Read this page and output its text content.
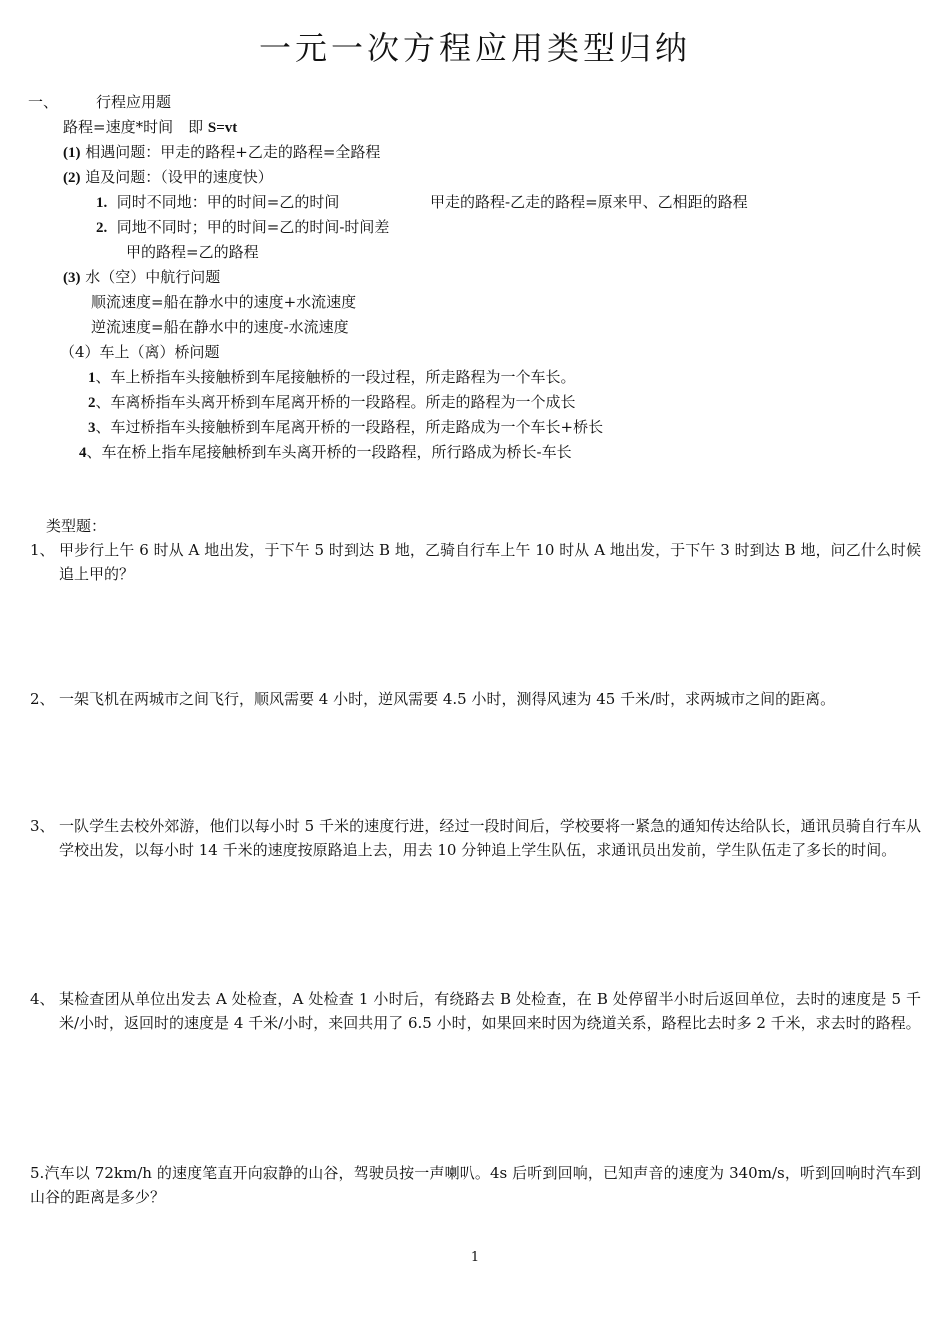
一元一次方程应用类型归纳
一、	行程应用题
路程=速度*时间　即 S=vt
(1) 相遇问题：甲走的路程+乙走的路程=全路程
(2) 追及问题：（设甲的速度快）
1. 同时不同地：甲的时间=乙的时间	甲走的路程-乙走的路程=原来甲、乙相距的路程
2. 同地不同时；甲的时间=乙的时间-时间差
甲的路程=乙的路程
(3) 水（空）中航行问题
顺流速度=船在静水中的速度+水流速度
逆流速度=船在静水中的速度-水流速度
（4）车上（离）桥问题
1、车上桥指车头接触桥到车尾接触桥的一段过程，所走路程为一个车长。
2、车离桥指车头离开桥到车尾离开桥的一段路程。所走的路程为一个成长
3、车过桥指车头接触桥到车尾离开桥的一段路程，所走路成为一个车长+桥长
4、车在桥上指车尾接触桥到车头离开桥的一段路程，所行路成为桥长-车长
类型题：
1、 甲步行上午 6 时从 A 地出发，于下午 5 时到达 B 地，乙骑自行车上午 10 时从 A 地出发，于下午 3 时到达 B 地，问乙什么时候追上甲的？
2、 一架飞机在两城市之间飞行，顺风需要 4 小时，逆风需要 4.5 小时，测得风速为 45 千米/时，求两城市之间的距离。
3、 一队学生去校外郊游，他们以每小时 5 千米的速度行进，经过一段时间后，学校要将一紧急的通知传达给队长，通讯员骑自行车从学校出发，以每小时 14 千米的速度按原路追上去，用去 10 分钟追上学生队伍，求通讯员出发前，学生队伍走了多长的时间。
4、 某检查团从单位出发去 A 处检查，A 处检查 1 小时后，有绕路去 B 处检查，在 B 处停留半小时后返回单位，去时的速度是 5 千米/小时，返回时的速度是 4 千米/小时，来回共用了 6.5 小时，如果回来时因为绕道关系，路程比去时多 2 千米，求去时的路程。
5.汽车以 72km/h 的速度笔直开向寂静的山谷，驾驶员按一声喇叭。4s 后听到回响，已知声音的速度为 340m/s，听到回响时汽车到山谷的距离是多少？
1
